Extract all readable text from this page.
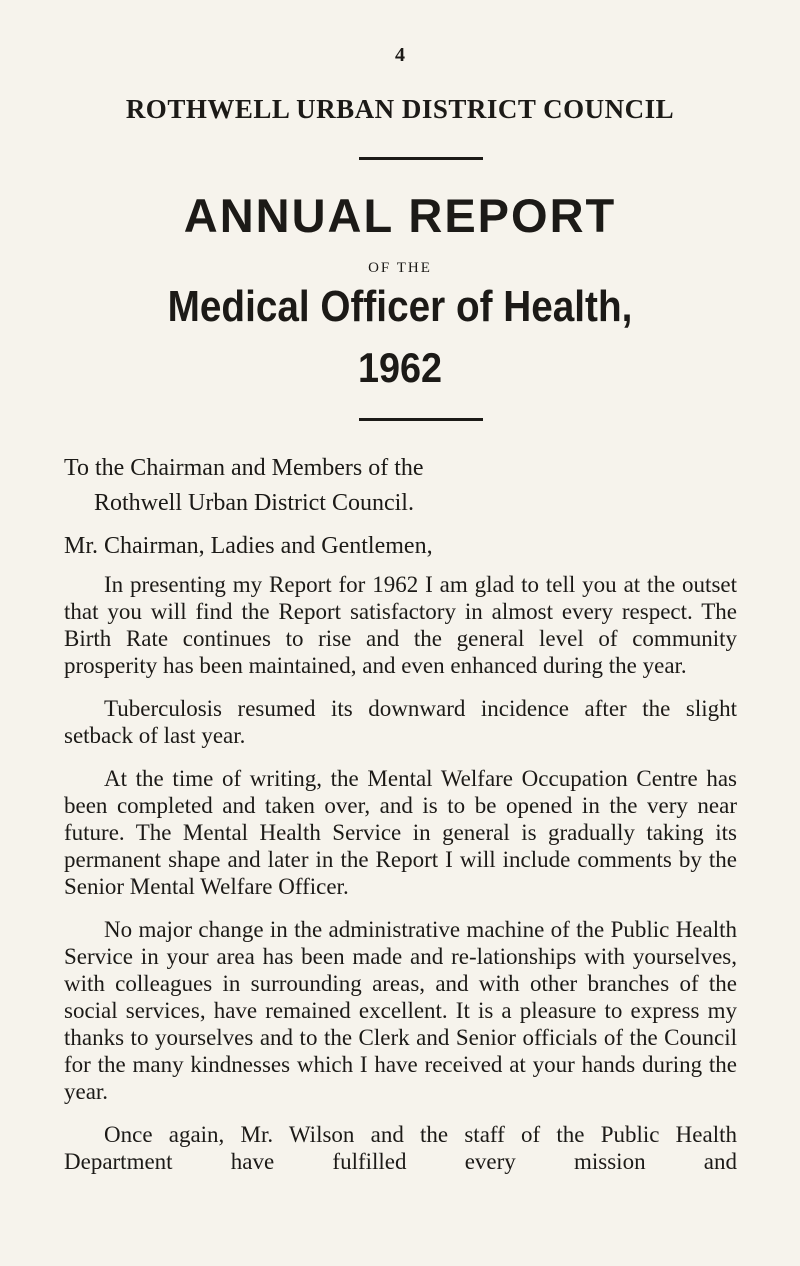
4
ROTHWELL URBAN DISTRICT COUNCIL
ANNUAL REPORT
OF THE
Medical Officer of Health,
1962
To the Chairman and Members of the
Rothwell Urban District Council.
Mr. Chairman, Ladies and Gentlemen,

In presenting my Report for 1962 I am glad to tell you at the outset that you will find the Report satisfactory in almost every respect. The Birth Rate continues to rise and the general level of community prosperity has been maintained, and even enhanced during the year.

Tuberculosis resumed its downward incidence after the slight setback of last year.

At the time of writing, the Mental Welfare Occupation Centre has been completed and taken over, and is to be opened in the very near future. The Mental Health Service in general is gradually taking its permanent shape and later in the Report I will include comments by the Senior Mental Welfare Officer.

No major change in the administrative machine of the Public Health Service in your area has been made and re-lationships with yourselves, with colleagues in surrounding areas, and with other branches of the social services, have remained excellent. It is a pleasure to express my thanks to yourselves and to the Clerk and Senior officials of the Council for the many kindnesses which I have received at your hands during the year.

Once again, Mr. Wilson and the staff of the Public Health Department have fulfilled every mission and
